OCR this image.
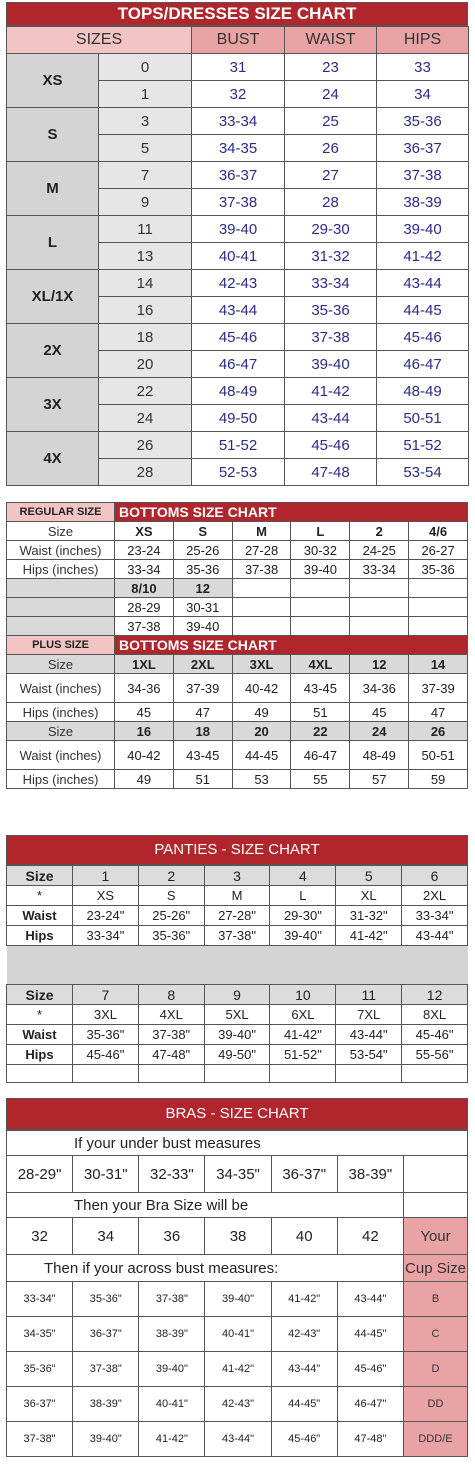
TOPS/DRESSES SIZE CHART
SIZES		BUST	WAIST	HIPS
XS	0	31	23	33
	1	32	24	34
S	3	33-34	25	35-36
	5	34-35	26	36-37
M	7	36-37	27	37-38
	9	37-38	28	38-39
L	11	39-40	29-30	39-40
	13	40-41	31-32	41-42
XL/1X	14	42-43	33-34	43-44
	16	43-44	35-36	44-45
2X	18	45-46	37-38	45-46
	20	46-47	39-40	46-47
3X	22	48-49	41-42	48-49
	24	49-50	43-44	50-51
4X	26	51-52	45-46	51-52
	28	52-53	47-48	53-54
REGULAR SIZE	BOTTOMS SIZE CHART					
Size	XS	S	M	L	2	4/6
Waist (inches)	23-24	25-26	27-28	30-32	24-25	26-27
Hips (inches)	33-34	35-36	37-38	39-40	33-34	35-36
	8/10	12				
	28-29	30-31				
	37-38	39-40				
PLUS SIZE	BOTTOMS SIZE CHART					
Size	1XL	2XL	3XL	4XL	12	14
Waist (inches)	34-36	37-39	40-42	43-45	34-36	37-39
Hips (inches)	45	47	49	51	45	47
Size	16	18	20	22	24	26
Waist (inches)	40-42	43-45	44-45	46-47	48-49	50-51
Hips (inches)	49	51	53	55	57	59
PANTIES - SIZE CHART
Size	1	2	3	4	5	6
*	XS	S	M	L	XL	2XL
Waist	23-24"	25-26"	27-28"	29-30"	31-32"	33-34"
Hips	33-34"	35-36"	37-38"	39-40"	41-42"	43-44"

Size	7	8	9	10	11	12
*	3XL	4XL	5XL	6XL	7XL	8XL
Waist	35-36"	37-38"	39-40"	41-42"	43-44"	45-46"
Hips	45-46"	47-48"	49-50"	51-52"	53-54"	55-56"

BRAS - SIZE CHART
If your under bust measures						
28-29"	30-31"	32-33"	34-35"	36-37"	38-39"	
Then your Bra Size will be						
32	34	36	38	40	42	Your
Then if your across bust measures:						Cup Size
33-34"	35-36"	37-38"	39-40"	41-42"	43-44"	B
34-35"	36-37"	38-39"	40-41"	42-43"	44-45"	C
35-36"	37-38"	39-40"	41-42"	43-44"	45-46"	D
36-37"	38-39"	40-41"	42-43"	44-45"	46-47"	DD
37-38"	39-40"	41-42"	43-44"	45-46"	47-48"	DDD/E
